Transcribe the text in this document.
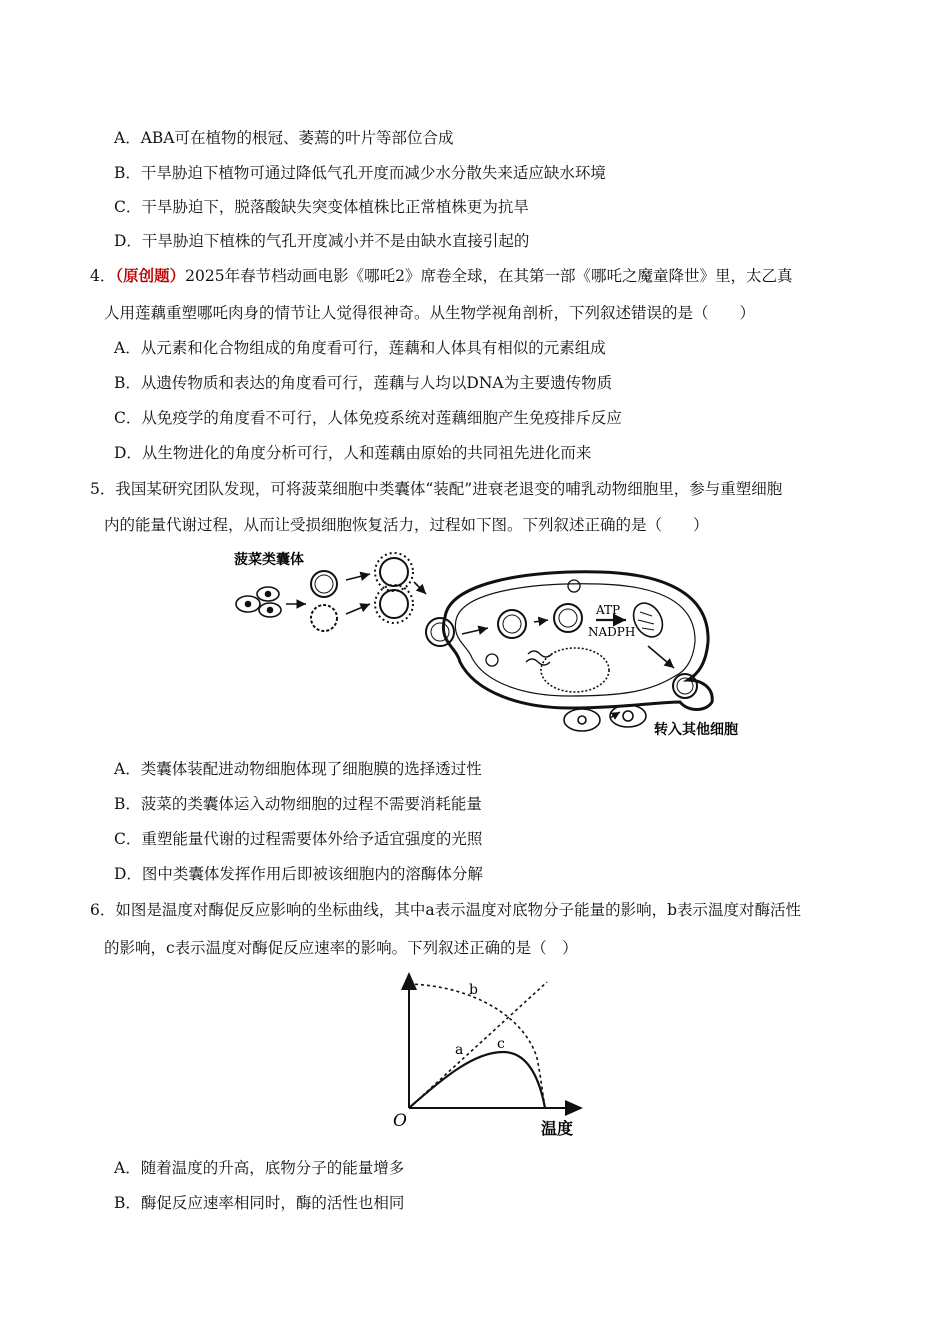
A．ABA可在植物的根冠、萎蔫的叶片等部位合成
B．干旱胁迫下植物可通过降低气孔开度而减少水分散失来适应缺水环境
C．干旱胁迫下，脱落酸缺失突变体植株比正常植株更为抗旱
D．干旱胁迫下植株的气孔开度减小并不是由缺水直接引起的
4．（原创题）2025年春节档动画电影《哪吒2》席卷全球，在其第一部《哪吒之魔童降世》里，太乙真
人用莲藕重塑哪吒肉身的情节让人觉得很神奇。从生物学视角剖析，下列叙述错误的是（　　）
A．从元素和化合物组成的角度看可行，莲藕和人体具有相似的元素组成
B．从遗传物质和表达的角度看可行，莲藕与人均以DNA为主要遗传物质
C．从免疫学的角度看不可行，人体免疫系统对莲藕细胞产生免疫排斥反应
D．从生物进化的角度分析可行，人和莲藕由原始的共同祖先进化而来
5．我国某研究团队发现，可将菠菜细胞中类囊体“装配”进衰老退变的哺乳动物细胞里，参与重塑细胞
内的能量代谢过程，从而让受损细胞恢复活力，过程如下图。下列叙述正确的是（　　）
菠菜类囊体
ATP
NADPH
转入其他细胞
A．类囊体装配进动物细胞体现了细胞膜的选择透过性
B．菠菜的类囊体运入动物细胞的过程不需要消耗能量
C．重塑能量代谢的过程需要体外给予适宜强度的光照
D．图中类囊体发挥作用后即被该细胞内的溶酶体分解
6．如图是温度对酶促反应影响的坐标曲线，其中a表示温度对底物分子能量的影响，b表示温度对酶活性
的影响，c表示温度对酶促反应速率的影响。下列叙述正确的是（　）
b
a c
O	温度
A．随着温度的升高，底物分子的能量增多
B．酶促反应速率相同时，酶的活性也相同
